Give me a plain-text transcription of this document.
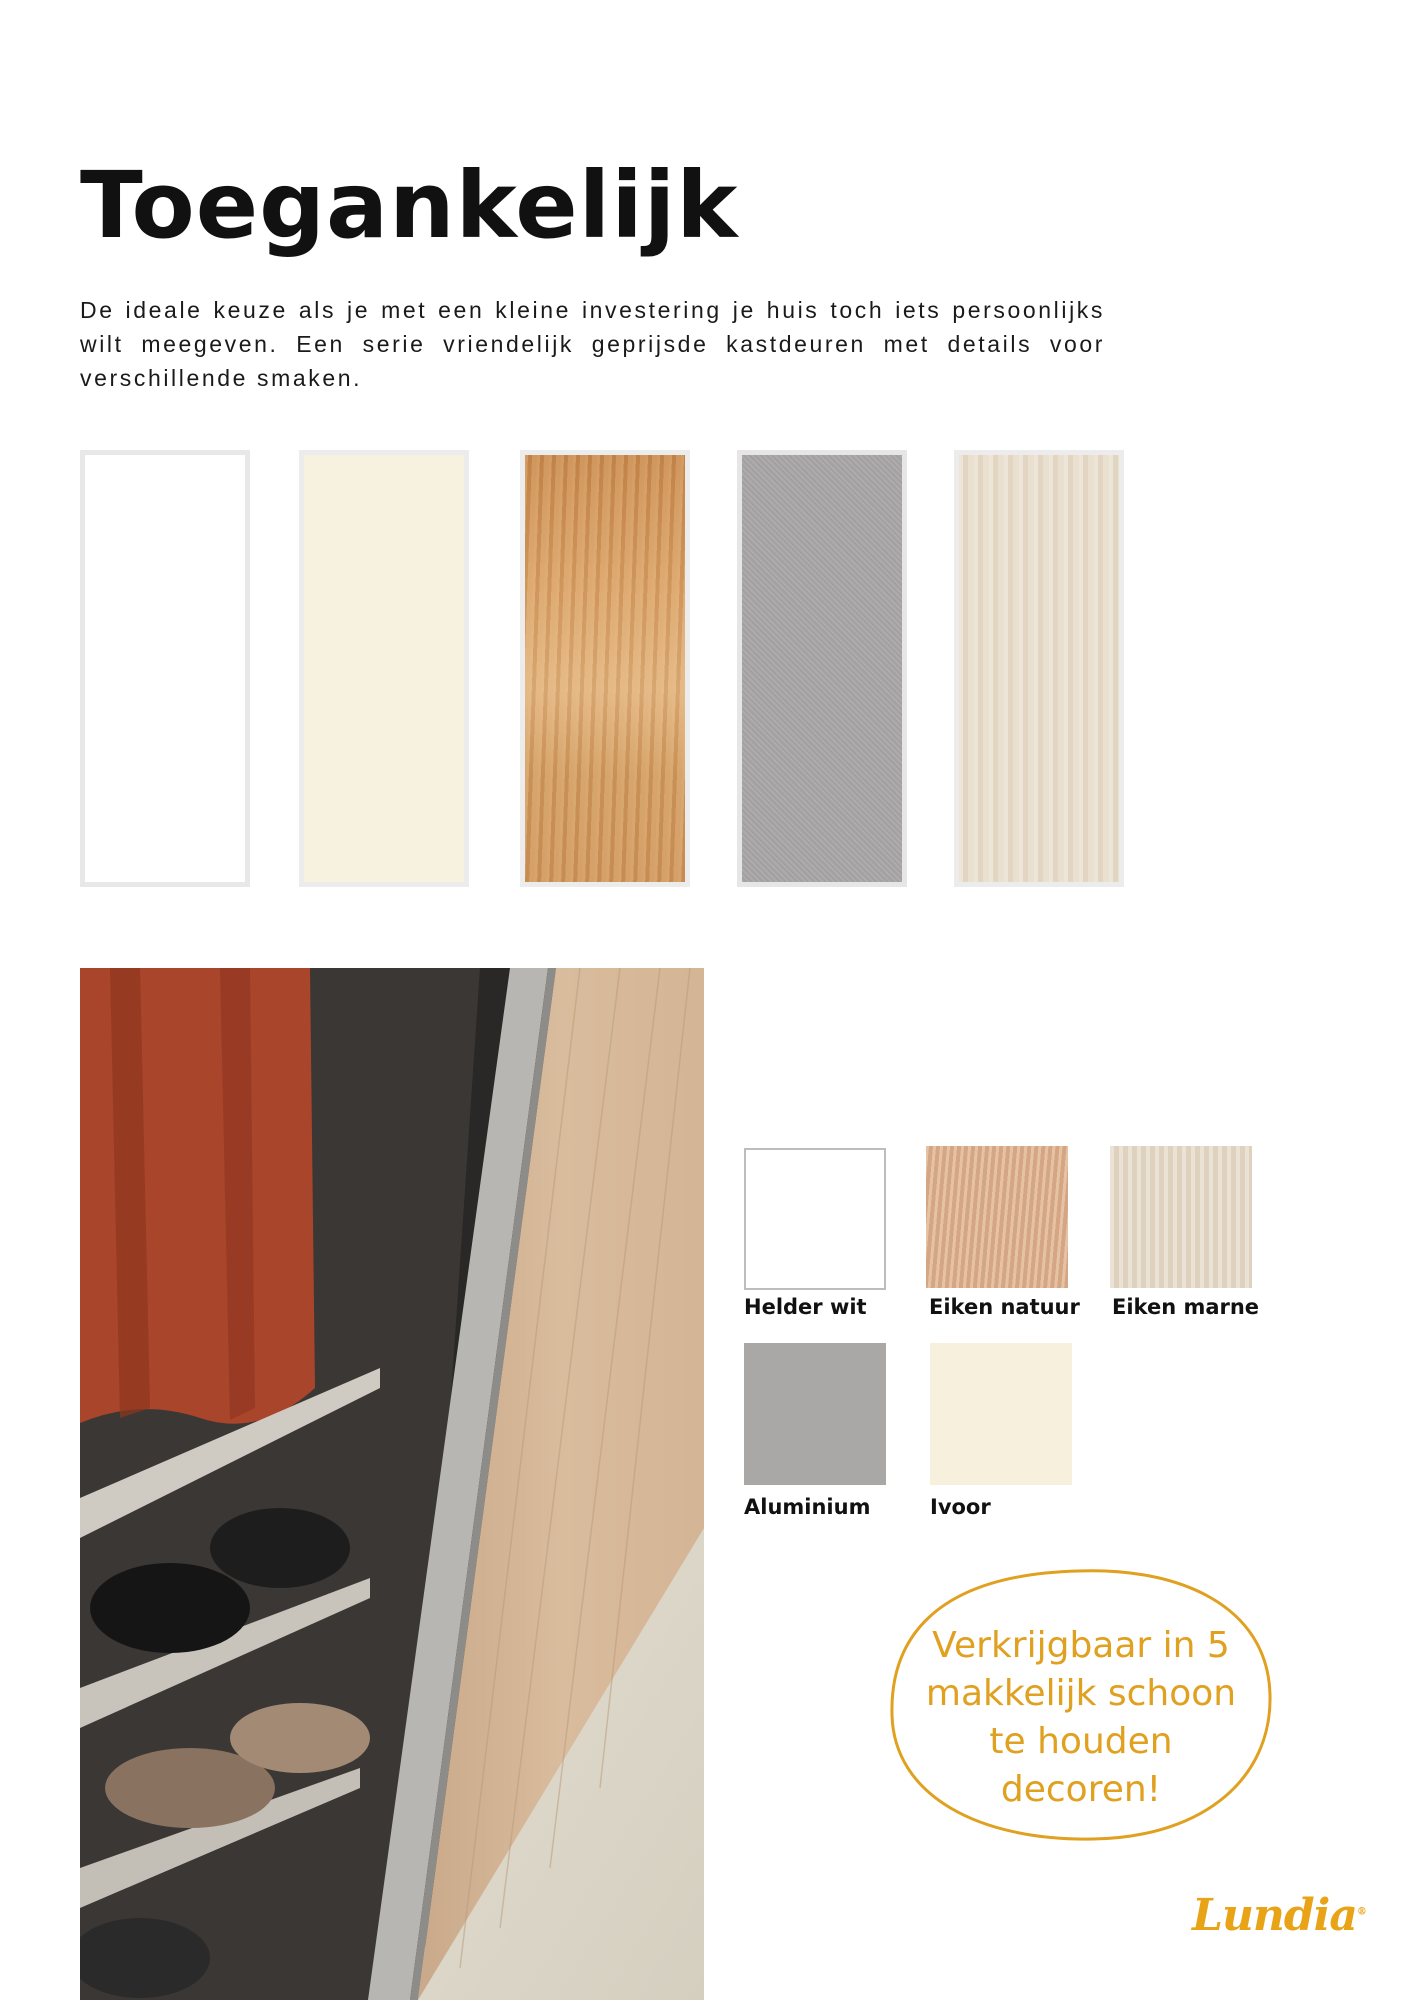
Toegankelijk

De ideale keuze als je met een kleine investering je huis toch iets persoonlijks wilt meegeven. Een serie vriendelijk geprijsde kastdeuren met details voor verschillende smaken.

Helder wit	Eiken natuur Eiken marne
Aluminium	Ivoor
Verkrijgbaar in 5
makkelijk schoon
te houden
decoren!
Lundia®
